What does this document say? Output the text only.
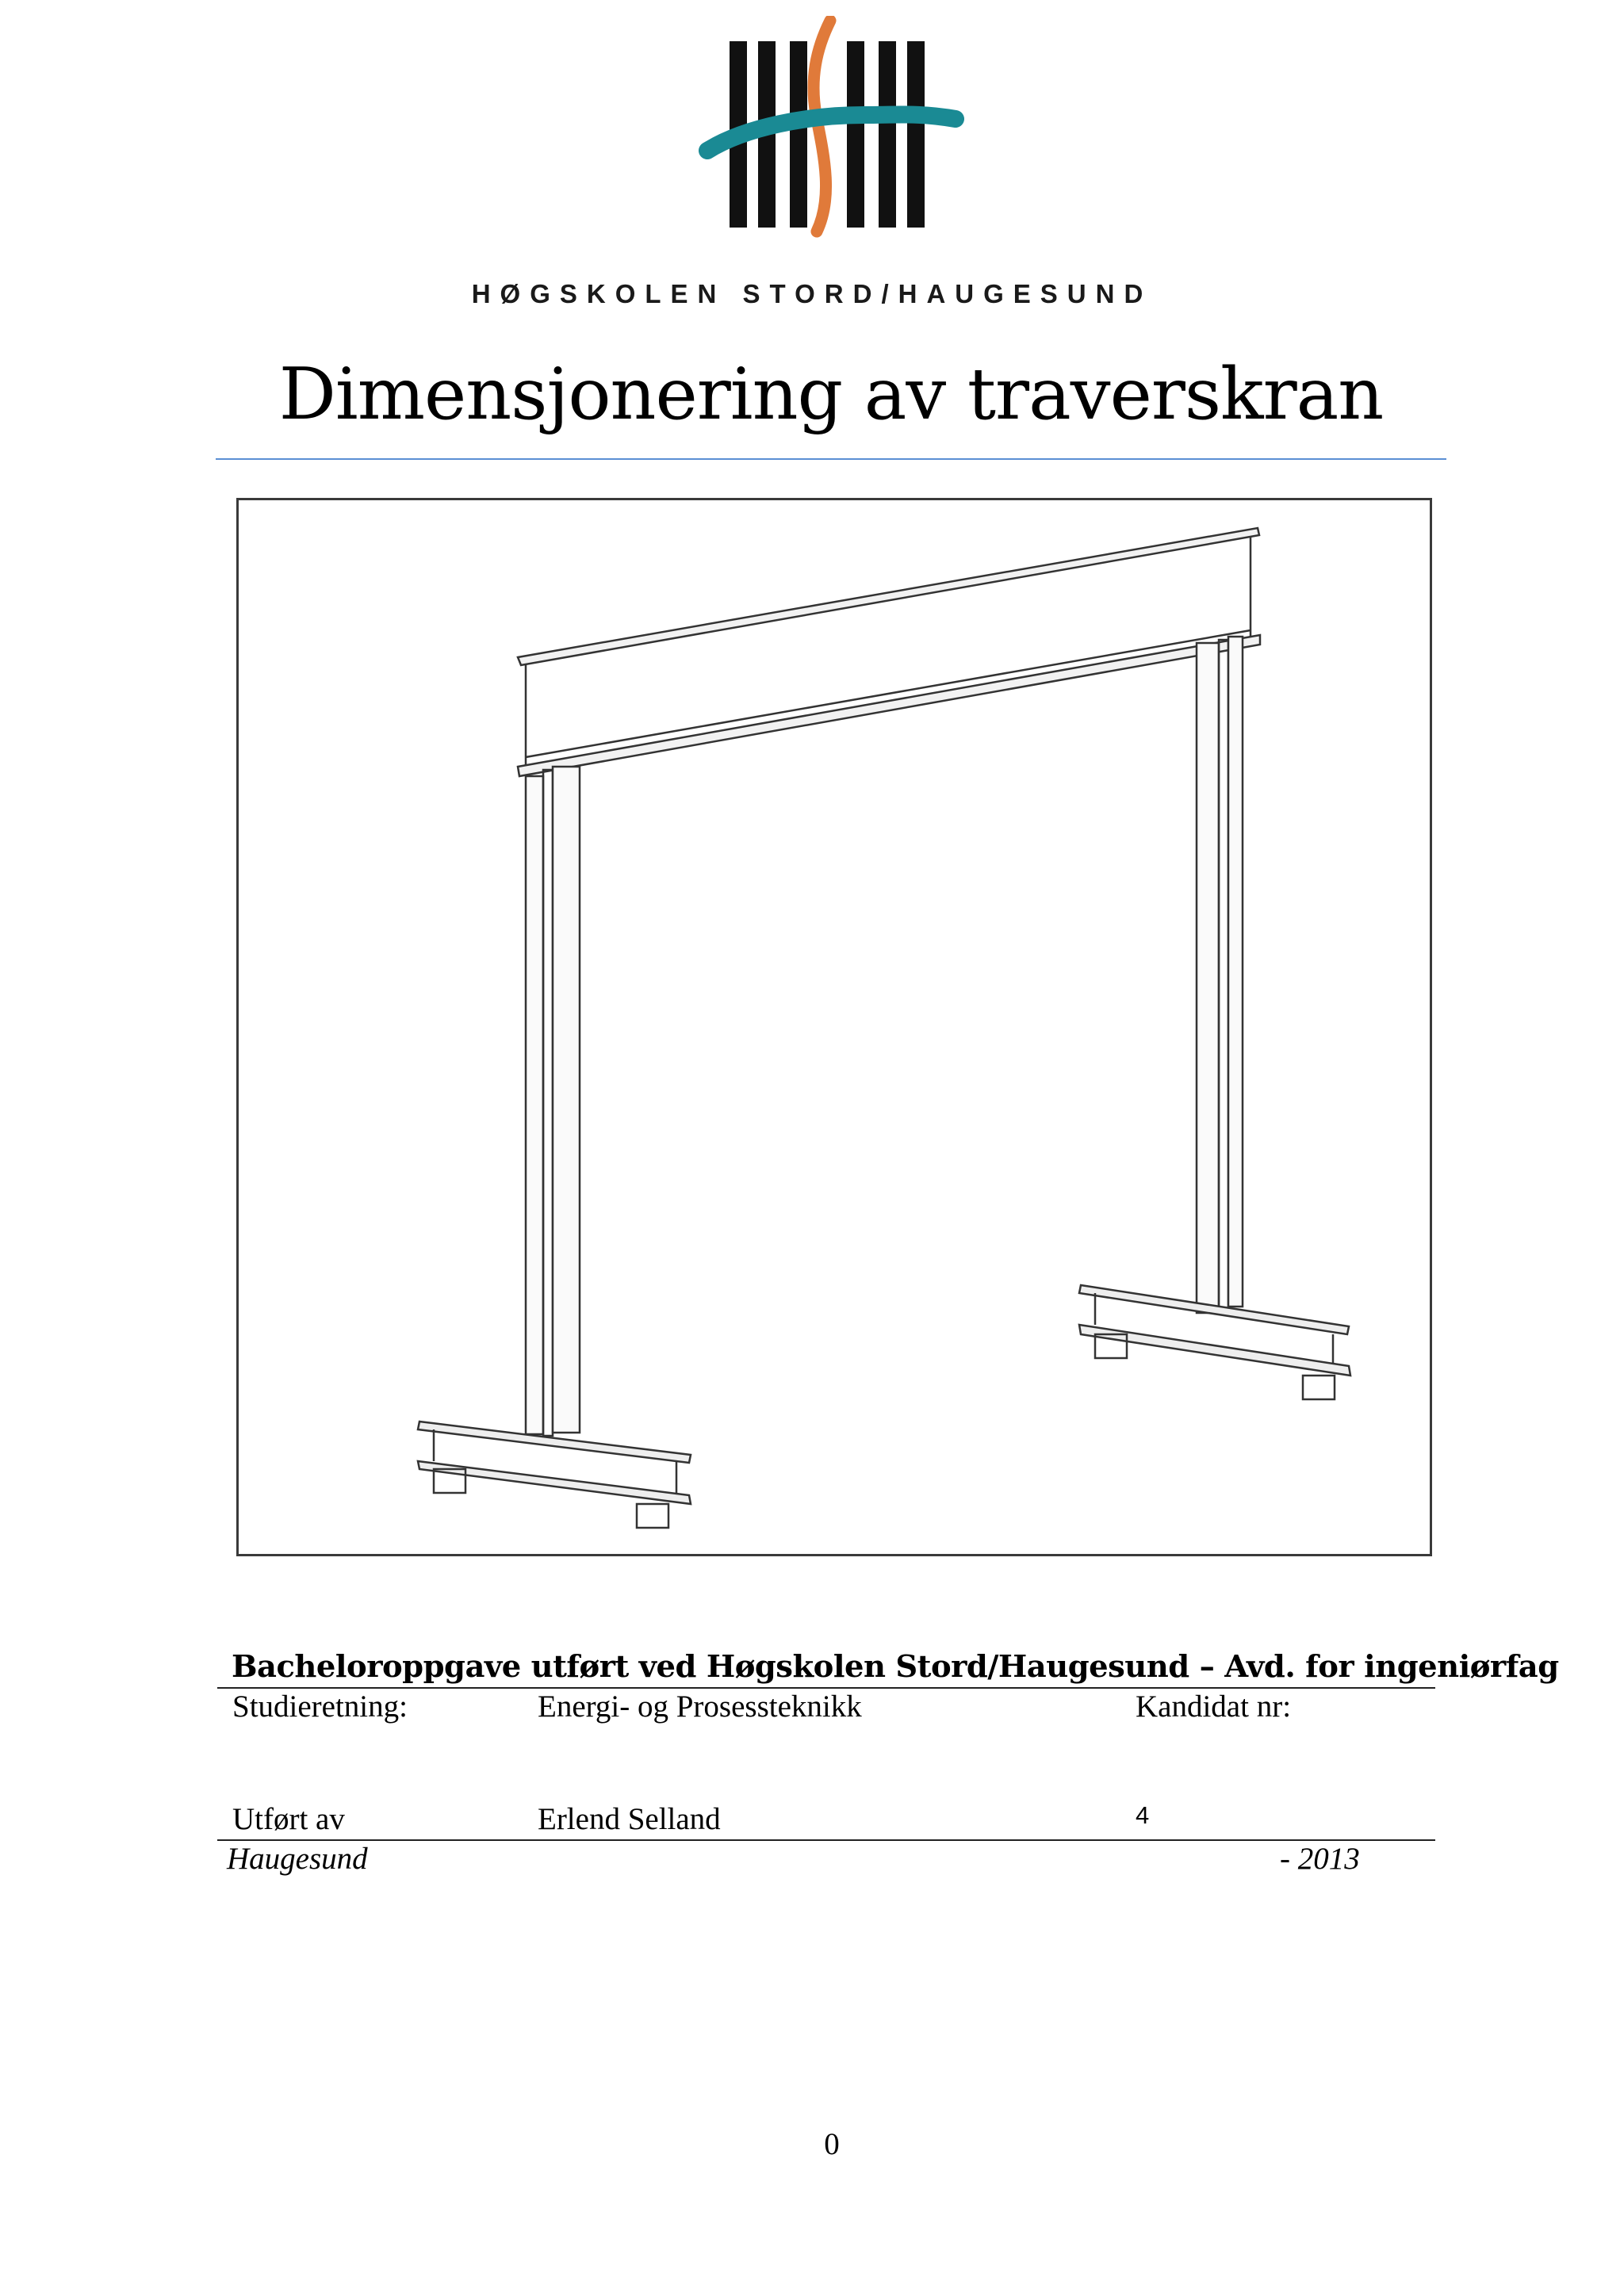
HØGSKOLEN STORD/HAUGESUND
Dimensjonering av traverskran
Bacheloroppgave utført ved Høgskolen Stord/Haugesund – Avd. for ingeniørfag
Studieretning:	Energi- og Prosessteknikk	Kandidat nr:
Utført av	Erlend Selland	4
Haugesund	- 2013
0
